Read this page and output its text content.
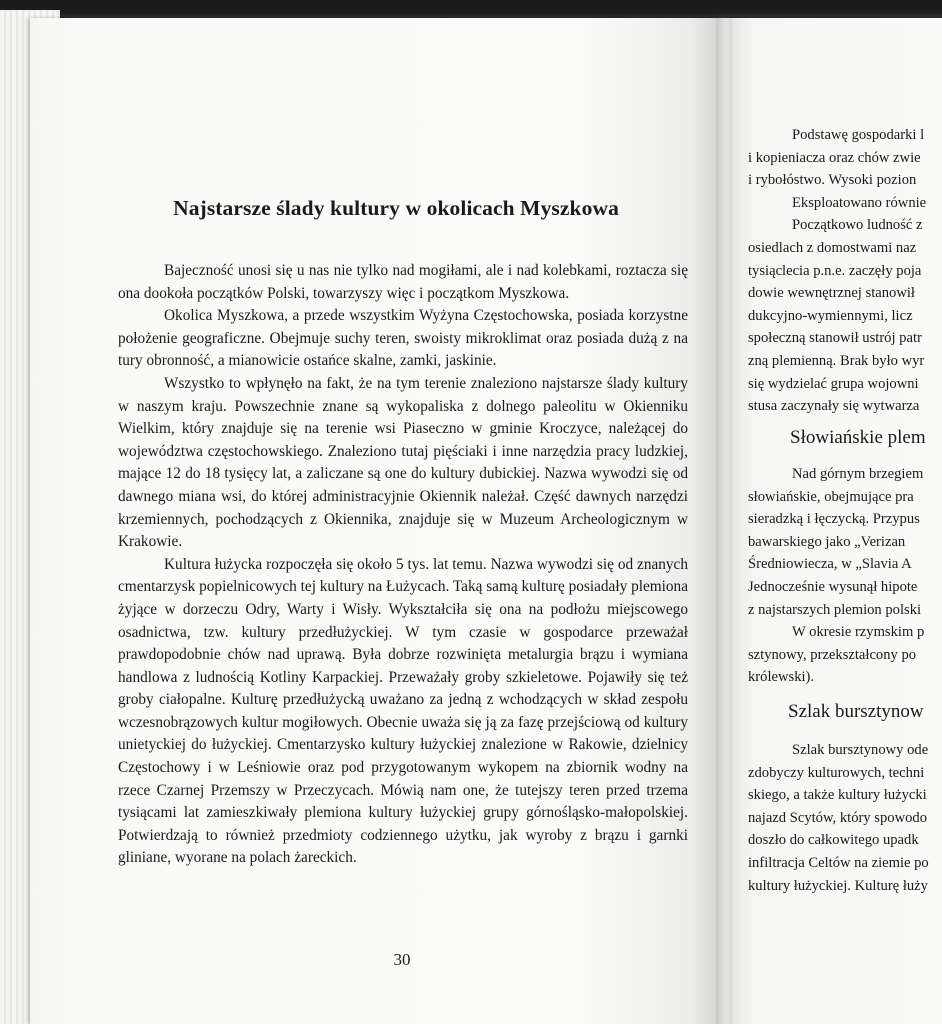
Najstarsze ślady kultury w okolicach Myszkowa

Bajeczność unosi się u nas nie tylko nad mogiłami, ale i nad kolebkami, roztacza się ona dookoła początków Polski, towarzyszy więc i początkom Myszkowa.

Okolica Myszkowa, a przede wszystkim Wyżyna Częstochowska, posiada korzystne położenie geograficzne. Obejmuje suchy teren, swoisty mikroklimat oraz posiada dużą z na tury obronność, a mianowicie ostańce skalne, zamki, jaskinie.

Wszystko to wpłynęło na fakt, że na tym terenie znaleziono najstarsze ślady kultury w naszym kraju. Powszechnie znane są wykopaliska z dolnego paleolitu w Okienniku Wielkim, który znajduje się na terenie wsi Piaseczno w gminie Kroczyce, należącej do województwa częstochowskiego. Znaleziono tutaj pięściaki i inne narzędzia pracy ludzkiej, mające 12 do 18 tysięcy lat, a zaliczane są one do kultury dubickiej. Nazwa wywodzi się od dawnego miana wsi, do której administracyjnie Okiennik należał. Część dawnych narzędzi krzemiennych, pochodzących z Okiennika, znajduje się w Muzeum Archeologicznym w Krakowie.

Kultura łużycka rozpoczęła się około 5 tys. lat temu. Nazwa wywodzi się od znanych cmentarzysk popielnicowych tej kultury na Łużycach. Taką samą kulturę posiadały plemiona żyjące w dorzeczu Odry, Warty i Wisły. Wykształciła się ona na podłożu miejscowego osadnictwa, tzw. kultury przedłużyckiej. W tym czasie w gospodarce przeważał prawdopodobnie chów nad uprawą. Była dobrze rozwinięta metalurgia brązu i wymiana handlowa z ludnością Kotliny Karpackiej. Przeważały groby szkieletowe. Pojawiły się też groby ciałopalne. Kulturę przedłużycką uważano za jedną z wchodzących w skład zespołu wczesnobrązowych kultur mogiłowych. Obecnie uważa się ją za fazę przejściową od kultury unietyckiej do łużyckiej. Cmentarzysko kultury łużyckiej znalezione w Rakowie, dzielnicy Częstochowy i w Leśniowie oraz pod przygotowanym wykopem na zbiornik wodny na rzece Czarnej Przemszy w Przeczycach. Mówią nam one, że tutejszy teren przed trzema tysiącami lat zamieszkiwały plemiona kultury łużyckiej grupy górnośląsko-małopolskiej. Potwierdzają to również przedmioty codziennego użytku, jak wyroby z brązu i garnki gliniane, wyorane na polach żareckich.

30
Podstawę gospodarki l
i kopieniacza oraz chów zwie
i rybołóstwo. Wysoki pozion
Eksploatowano równie
Początkowo ludność z
osiedlach z domostwami naz
tysiąclecia p.n.e. zaczęły poja
dowie wewnętrznej stanowił
dukcyjno-wymiennymi, licz
społeczną stanowił ustrój patr
zną plemienną. Brak było wyr
się wydzielać grupa wojowni
stusa zaczynały się wytwarza
Słowiańskie plem
Nad górnym brzegiem
słowiańskie, obejmujące pra
sieradzką i łęczycką. Przypus
bawarskiego jako „Verizan
Średniowiecza, w „Slavia A
Jednocześnie wysunął hipote
z najstarszych plemion polski
W okresie rzymskim p
sztynowy, przekształcony po
królewski).
Szlak bursztynow
Szlak bursztynowy ode
zdobyczy kulturowych, techni
skiego, a także kultury łużycki
najazd Scytów, który spowodo
doszło do całkowitego upadk
infiltracja Celtów na ziemie po
kultury łużyckiej. Kulturę łuży
